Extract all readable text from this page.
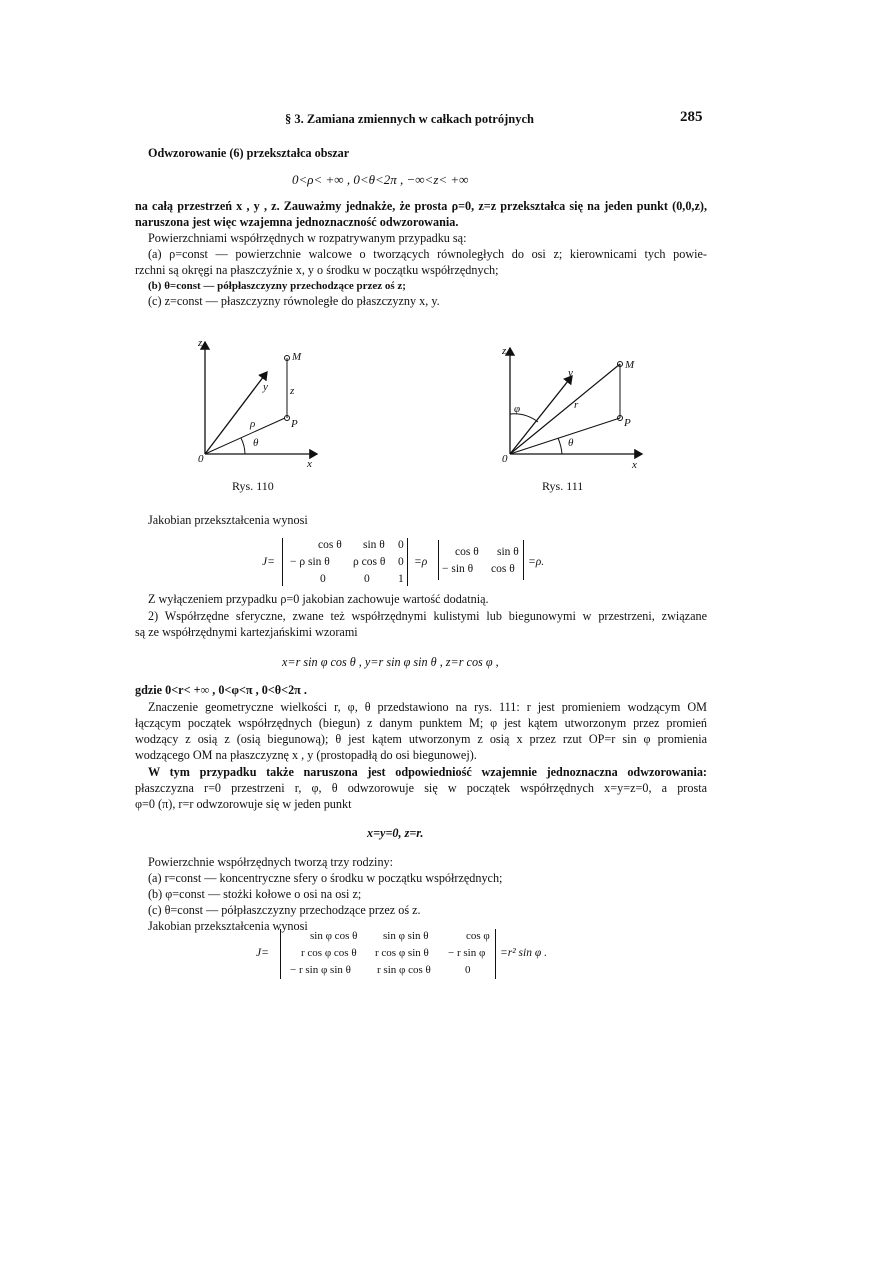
§ 3. Zamiana zmiennych w całkach potrójnych	285
Odwzorowanie (6) przekształca obszar
0<ρ< +∞ , 0<θ<2π , −∞<z< +∞
na całą przestrzeń x , y , z. Zauważmy jednakże, że prosta ρ=0, z=z przekształca się na jeden punkt (0,0,z),
naruszona jest więc wzajemna jednoznaczność odwzorowania.
Powierzchniami współrzędnych w rozpatrywanym przypadku są:
(a) ρ=const — powierzchnie walcowe o tworzących równoległych do osi z; kierownicami tych powie-
rzchni są okręgi na płaszczyźnie x, y o środku w początku współrzędnych;
(b) θ=const — półpłaszczyzny przechodzące przez oś z;
(c) z=const — płaszczyzny równoległe do płaszczyzny x, y.
z
x
0
M
y z
ρ	P
θ
z
x
0
M
y
r
φ
P
θ
Rys. 110	Rys. 111
Jakobian przekształcenia wynosi
J=
cos θ sin θ 0
− ρ sin θ ρ cos θ 0
0	0 1
=ρ
cos θ sin θ
− sin θ cos θ
=ρ.
Z wyłączeniem przypadku ρ=0 jakobian zachowuje wartość dodatnią.
2) Współrzędne sferyczne, zwane też współrzędnymi kulistymi lub biegunowymi w przestrzeni, związane
są ze współrzędnymi kartezjańskimi wzorami
x=r sin φ cos θ , y=r sin φ sin θ , z=r cos φ ,
gdzie 0<r< +∞ , 0<φ<π , 0<θ<2π .
Znaczenie geometryczne wielkości r, φ, θ przedstawiono na rys. 111: r jest promieniem wodzącym OM
łączącym początek współrzędnych (biegun) z danym punktem M; φ jest kątem utworzonym przez promień
wodzący z osią z (osią biegunową); θ jest kątem utworzonym z osią x przez rzut OP=r sin φ promienia
wodzącego OM na płaszczyznę x , y (prostopadłą do osi biegunowej).
W tym przypadku także naruszona jest odpowiedniość wzajemnie jednoznaczna odwzorowania:
płaszczyzna r=0 przestrzeni r, φ, θ odwzorowuje się w początek współrzędnych x=y=z=0, a prosta
φ=0 (π), r=r odwzorowuje się w jeden punkt
x=y=0, z=r.
Powierzchnie współrzędnych tworzą trzy rodziny:
(a) r=const — koncentryczne sfery o środku w początku współrzędnych;
(b) φ=const — stożki kołowe o osi na osi z;
(c) θ=const — półpłaszczyzny przechodzące przez oś z.
Jakobian przekształcenia wynosi
J=
sin φ cos θ sin φ sin θ	cos φ
r cos φ cos θ r cos φ sin θ − r sin φ
− r sin φ sin θ r sin φ cos θ	0
=r² sin φ .
